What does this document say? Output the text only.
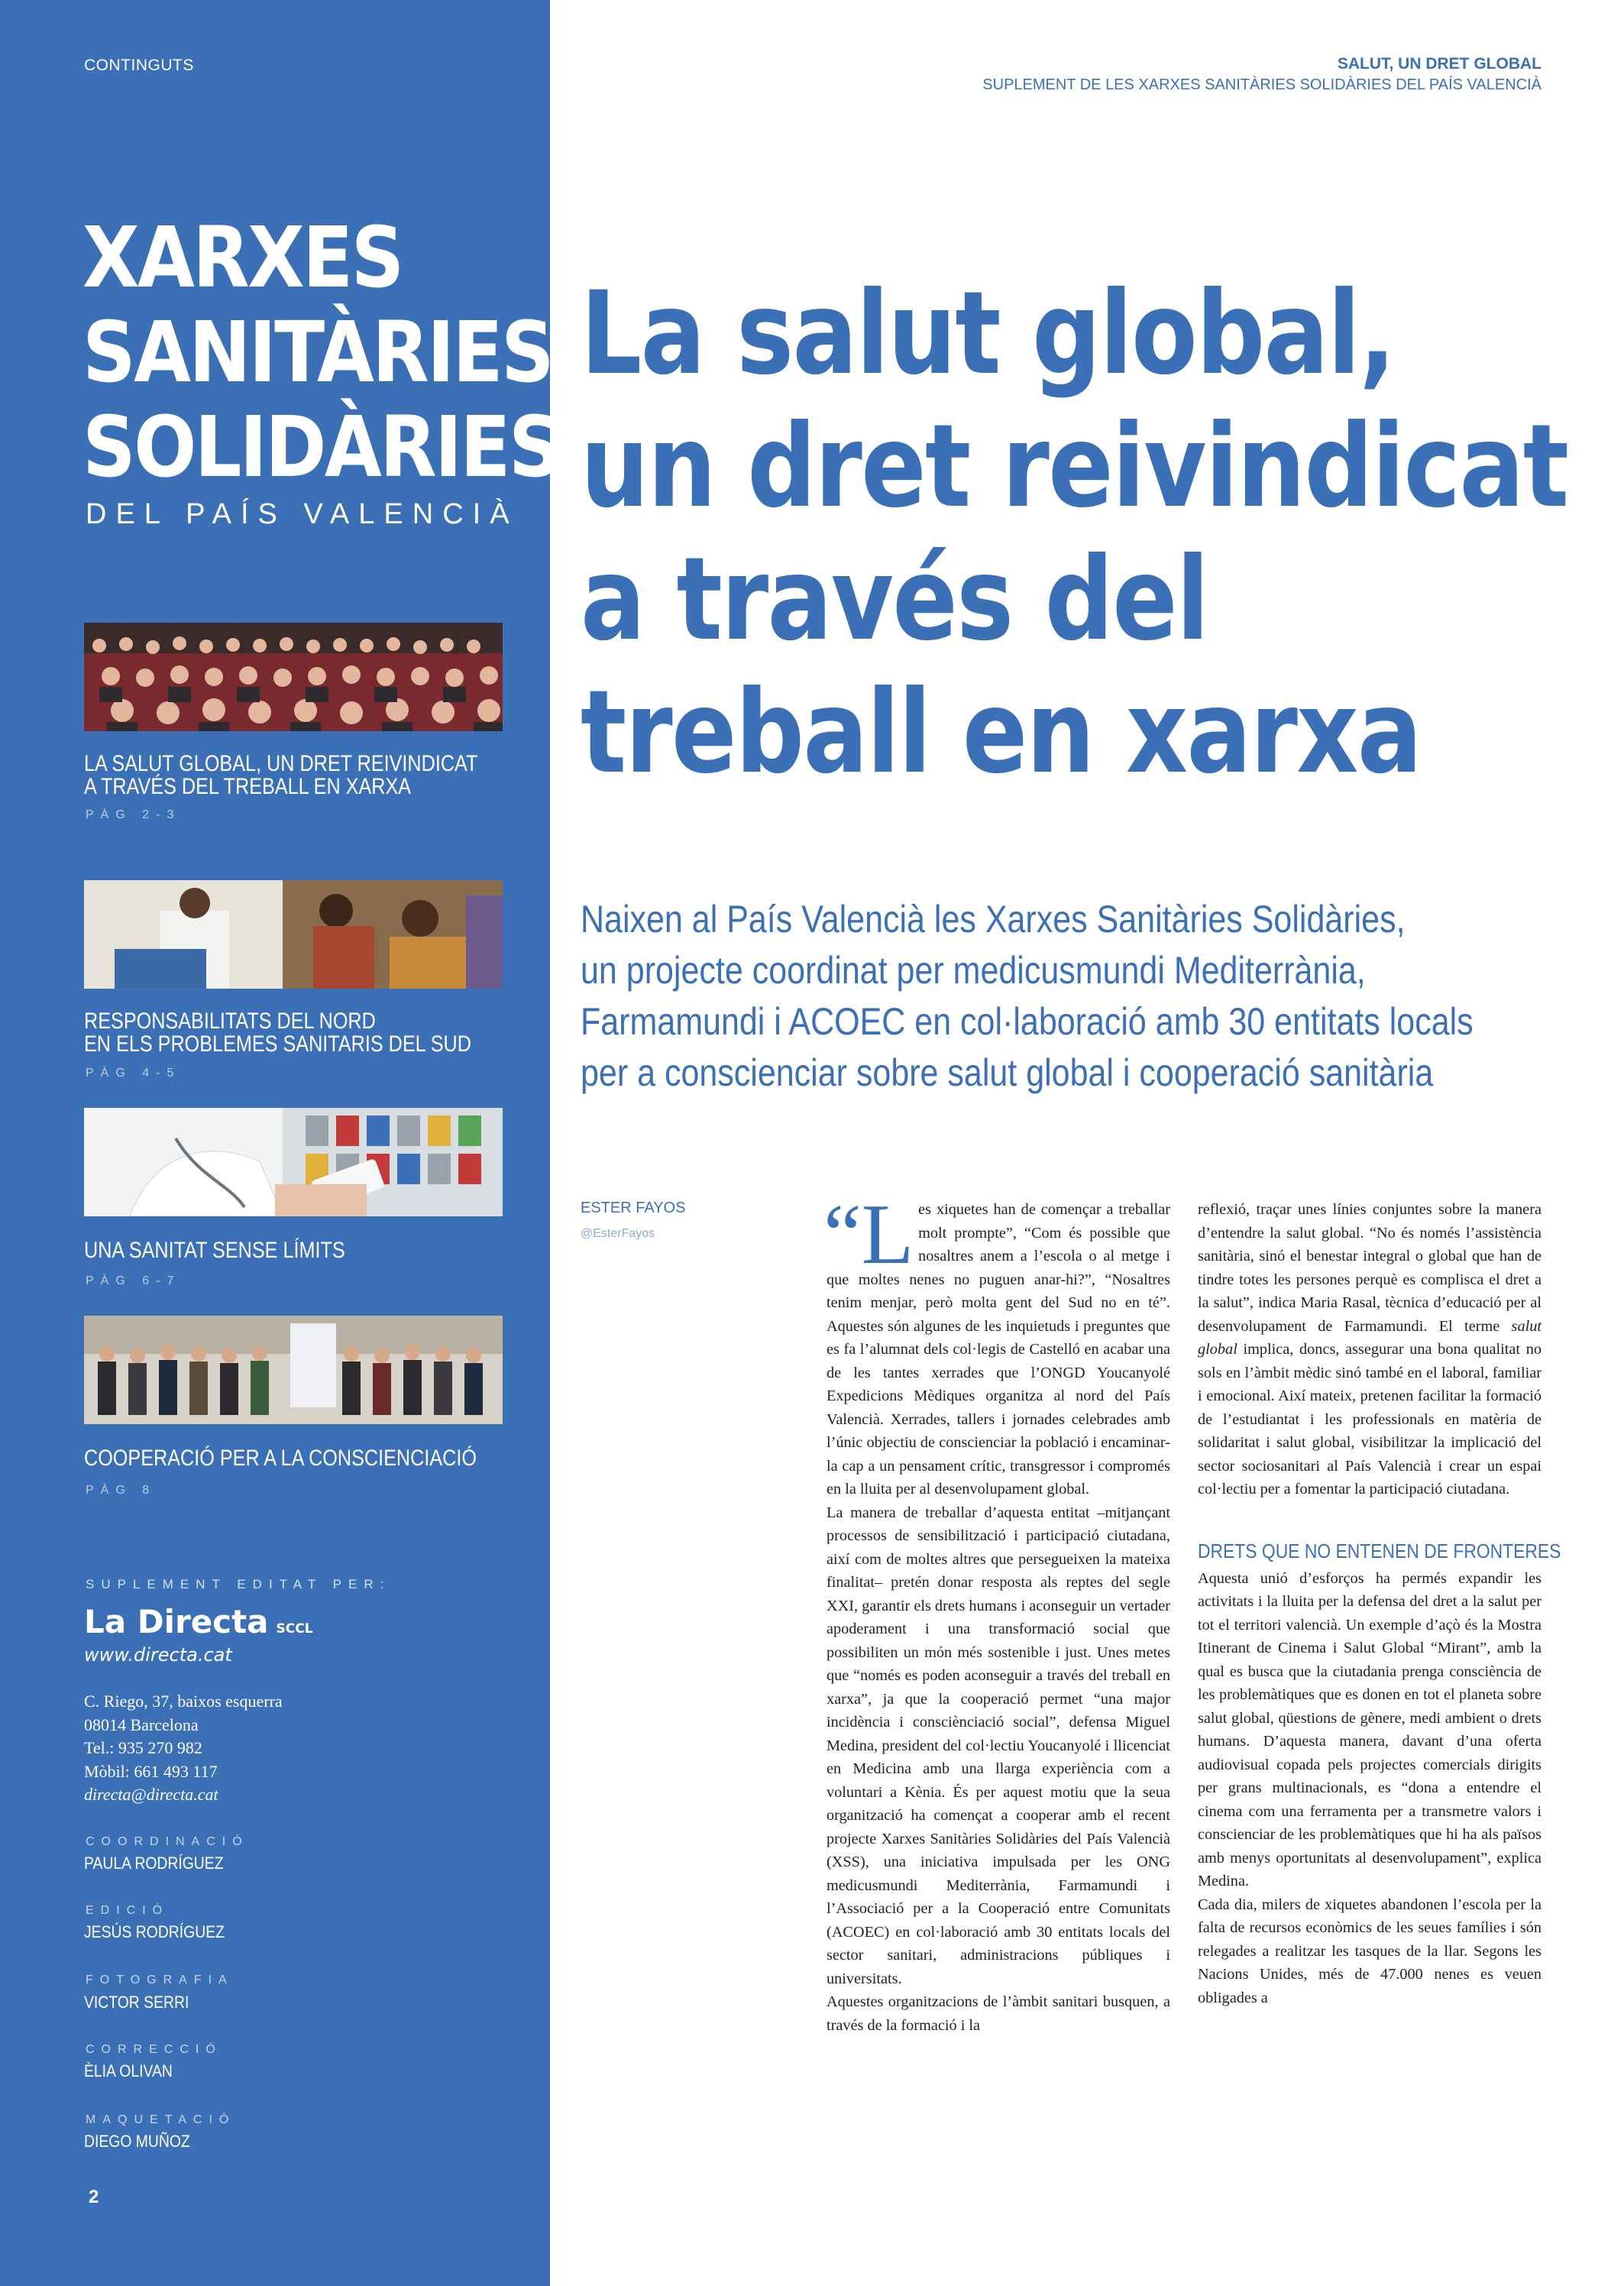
CONTINGUTS
XARXES
SANITÀRIES
SOLIDÀRIES
DEL PAÍS VALENCIÀ
LA SALUT GLOBAL, UN DRET REIVINDICAT
A TRAVÉS DEL TREBALL EN XARXA
PÀG 2-3
RESPONSABILITATS DEL NORD
EN ELS PROBLEMES SANITARIS DEL SUD
PÀG 4-5
UNA SANITAT SENSE LÍMITS
PÀG 6-7
COOPERACIÓ PER A LA CONSCIENCIACIÓ
PÀG 8
SUPLEMENT EDITAT PER:
La Directa SCCL
www.directa.cat
C. Riego, 37, baixos esquerra
08014 Barcelona
Tel.: 935 270 982
Mòbil: 661 493 117
directa@directa.cat
COORDINACIÓ
PAULA RODRÍGUEZ
EDICIÓ
JESÚS RODRÍGUEZ
FOTOGRAFIA
VICTOR SERRI
CORRECCIÓ
ÈLIA OLIVAN
MAQUETACIÓ
DIEGO MUÑOZ
2
SALUT, UN DRET GLOBAL
SUPLEMENT DE LES XARXES SANITÀRIES SOLIDÀRIES DEL PAÍS VALENCIÀ
La salut global,
un dret reivindicat
a través del
treball en xarxa
Naixen al País Valencià les Xarxes Sanitàries Solidàries,
un projecte coordinat per medicusmundi Mediterrània,
Farmamundi i ACOEC en col·laboració amb 30 entitats locals
per a conscienciar sobre salut global i cooperació sanitària
ESTER FAYOS
@EsterFayos “Les xiquetes han de començar a treballar molt prompte”, “Com és possible que nosaltres anem a l’escola o al metge i que moltes nenes no puguen anar-hi?”, “Nosaltres tenim menjar, però molta gent del Sud no en té”. Aquestes són algunes de les inquietuds i preguntes que es fa l’alumnat dels col·legis de Castelló en acabar una de les tantes xerrades que l’ONGD Youcanyolé Expedicions Mèdiques organitza al nord del País Valencià. Xerrades, tallers i jornades celebrades amb l’únic objectiu de conscienciar la població i encaminar-la cap a un pensament crític, transgressor i compromés en la lluita per al desenvolupament global.

La manera de treballar d’aquesta entitat –mitjançant processos de sensibilització i participació ciutadana, així com de moltes altres que persegueixen la mateixa finalitat– pretén donar resposta als reptes del segle XXI, garantir els drets humans i aconseguir un vertader apoderament i una transformació social que possibiliten un món més sostenible i just. Unes metes que “només es poden aconseguir a través del treball en xarxa”, ja que la cooperació permet “una major incidència i consciènciació social”, defensa Miguel Medina, president del col·lectiu Youcanyolé i llicenciat en Medicina amb una llarga experiència com a voluntari a Kènia. És per aquest motiu que la seua organització ha començat a cooperar amb el recent projecte Xarxes Sanitàries Solidàries del País Valencià (XSS), una iniciativa impulsada per les ONG medicusmundi Mediterrània, Farmamundi i l’Associació per a la Cooperació entre Comunitats (ACOEC) en col·laboració amb 30 entitats locals del sector sanitari, administracions públiques i universitats.

Aquestes organitzacions de l’àmbit sanitari busquen, a través de la formació i la

reflexió, traçar unes línies conjuntes sobre la manera d’entendre la salut global. “No és només l’assistència sanitària, sinó el benestar integral o global que han de tindre totes les persones perquè es complisca el dret a la salut”, indica Maria Rasal, tècnica d’educació per al desenvolupament de Farmamundi. El terme salut global implica, doncs, assegurar una bona qualitat no sols en l’àmbit mèdic sinó també en el laboral, familiar i emocional. Així mateix, pretenen facilitar la formació de l’estudiantat i les professionals en matèria de solidaritat i salut global, visibilitzar la implicació del sector sociosanitari al País Valencià i crear un espai col·lectiu per a fomentar la participació ciutadana.

DRETS QUE NO ENTENEN DE FRONTERES

Aquesta unió d’esforços ha permés expandir les activitats i la lluita per la defensa del dret a la salut per tot el territori valencià. Un exemple d’açò és la Mostra Itinerant de Cinema i Salut Global “Mirant”, amb la qual es busca que la ciutadania prenga consciència de les problemàtiques que es donen en tot el planeta sobre salut global, qüestions de gènere, medi ambient o drets humans. D’aquesta manera, davant d’una oferta audiovisual copada pels projectes comercials dirigits per grans multinacionals, es “dona a entendre el cinema com una ferramenta per a transmetre valors i conscienciar de les problemàtiques que hi ha als països amb menys oportunitats al desenvolupament”, explica Medina.

Cada dia, milers de xiquetes abandonen l’escola per la falta de recursos econòmics de les seues famílies i són relegades a realitzar les tasques de la llar. Segons les Nacions Unides, més de 47.000 nenes es veuen obligades a
